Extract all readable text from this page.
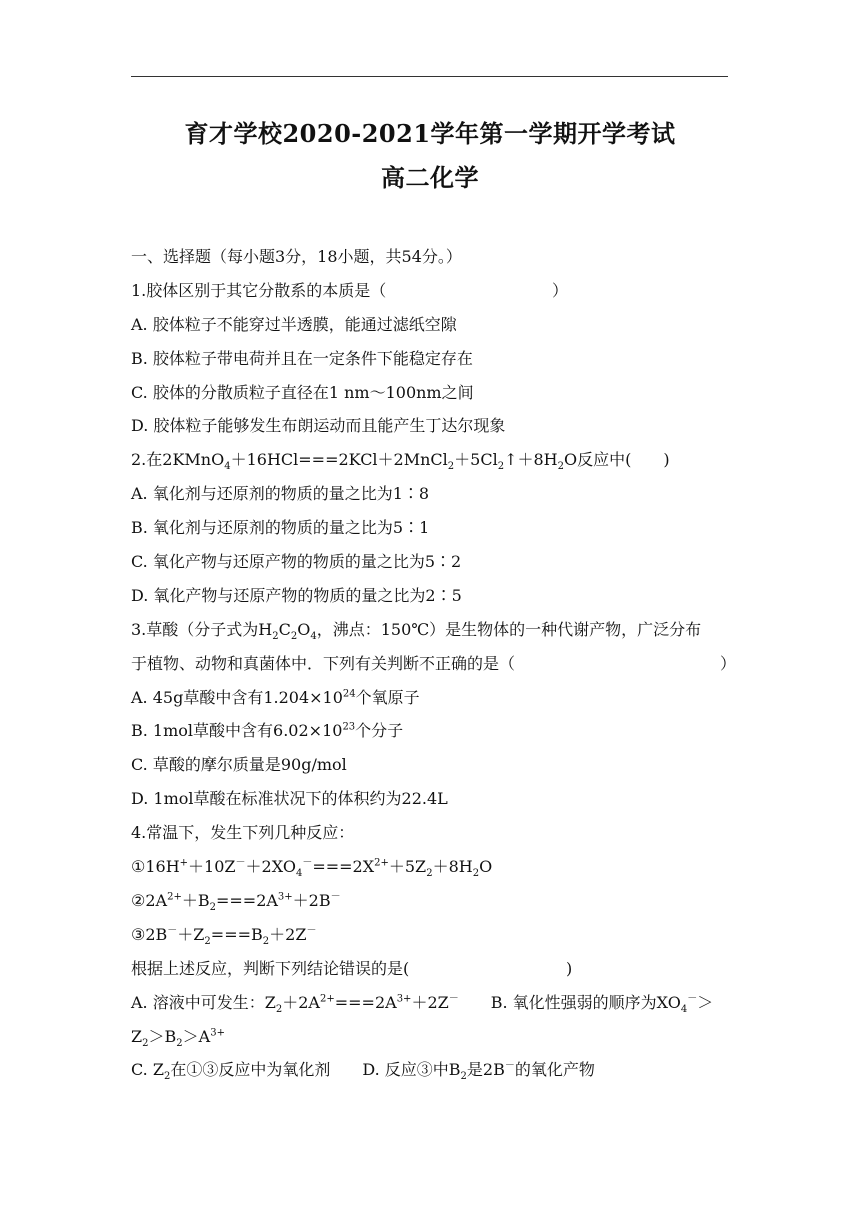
育才学校2020-2021学年第一学期开学考试
高二化学
一、选择题（每小题3分，18小题，共54分。）
1.胶体区别于其它分散系的本质是（	）
A. 胶体粒子不能穿过半透膜，能通过滤纸空隙
B. 胶体粒子带电荷并且在一定条件下能稳定存在
C. 胶体的分散质粒子直径在1 nm～100nm之间
D. 胶体粒子能够发生布朗运动而且能产生丁达尔现象
2.在$2KMnO_4+16HCl===2KCl+2MnCl_2+5Cl_2↑+8H_2O$反应中(　　)
A. 氧化剂与还原剂的物质的量之比为1∶8
B. 氧化剂与还原剂的物质的量之比为5∶1
C. 氧化产物与还原产物的物质的量之比为5∶2
D. 氧化产物与还原产物的物质的量之比为2∶5
3.草酸（分子式为$H_2C_2O_4$，沸点：150℃）是生物体的一种代谢产物，广泛分布
于植物、动物和真菌体中．下列有关判断不正确的是（	）
A. 45g草酸中含有$1.204\times 10^{24}$个氧原子
B. 1mol草酸中含有$6.02\times 10^{23}$个分子
C. 草酸的摩尔质量是90g/mol
D. 1mol草酸在标准状况下的体积约为22.4L
4.常温下，发生下列几种反应：
$①16H^++10Z^-+2XO_4^-===2X^{2+}+5Z_2+8H_2O$
$②2A^{2+}+B_2===2A^{3+}+2B^-$
$③2B^-+Z_2===B_2+2Z^-$
根据上述反应，判断下列结论错误的是(	)
A. 溶液中可发生：$Z_2+2A^{2+}===2A^{3+}+2Z^-$　　B. 氧化性强弱的顺序为$XO_4^->$
$Z_2>B_2>A^{3+}$
C. $Z_2$在①③反应中为氧化剂　　D. 反应③中$B_2$是2B－的氧化产物
